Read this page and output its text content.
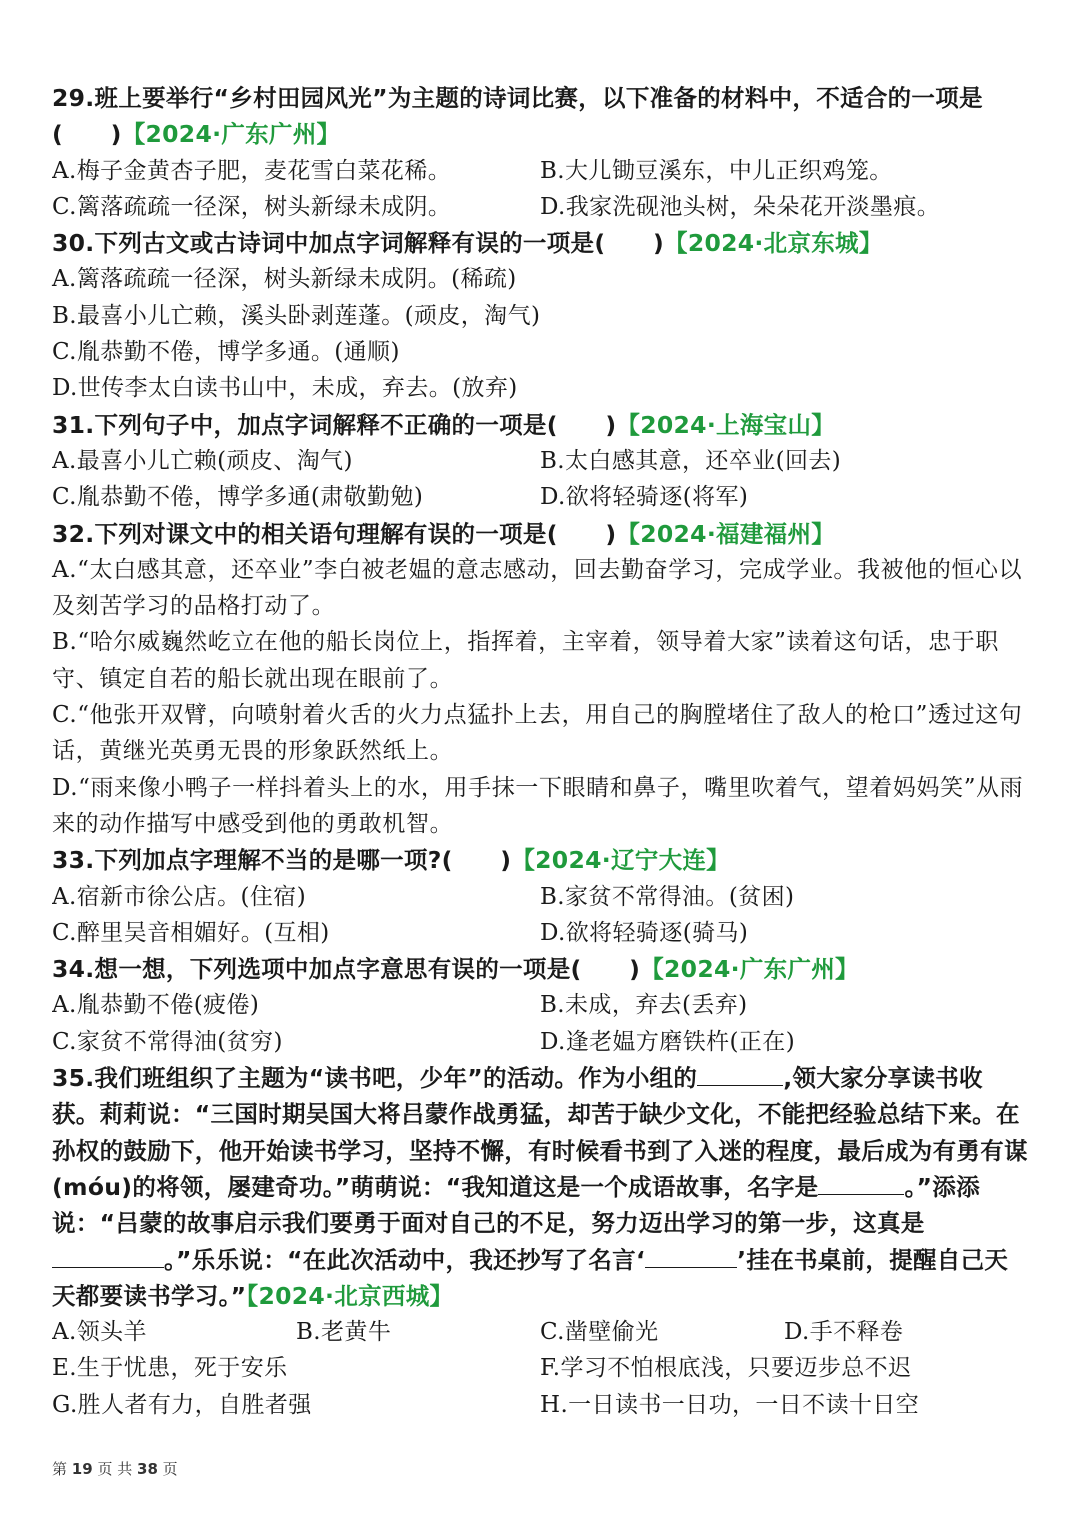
29.班上要举行“乡村田园风光”为主题的诗词比赛，以下准备的材料中，不适合的一项是(　　)【2024·广东广州】
A.梅子金黄杏子肥，麦花雪白菜花稀。	B.大儿锄豆溪东，中儿正织鸡笼。
C.篱落疏疏一径深，树头新绿未成阴。	D.我家洗砚池头树，朵朵花开淡墨痕。
30.下列古文或古诗词中加点字词解释有误的一项是(　　)【2024·北京东城】
A.篱落疏疏一径深，树头新绿未成阴。(稀疏)
B.最喜小儿亡赖，溪头卧剥莲蓬。(顽皮，淘气)
C.胤恭勤不倦，博学多通。(通顺)
D.世传李太白读书山中，未成，弃去。(放弃)
31.下列句子中，加点字词解释不正确的一项是(　　)【2024·上海宝山】
A.最喜小儿亡赖(顽皮、淘气)	B.太白感其意，还卒业(回去)
C.胤恭勤不倦，博学多通(肃敬勤勉)	D.欲将轻骑逐(将军)
32.下列对课文中的相关语句理解有误的一项是(　　)【2024·福建福州】
A.“太白感其意，还卒业”李白被老媪的意志感动，回去勤奋学习，完成学业。我被他的恒心以及刻苦学习的品格打动了。
B.“哈尔威巍然屹立在他的船长岗位上，指挥着，主宰着，领导着大家”读着这句话，忠于职守、镇定自若的船长就出现在眼前了。
C.“他张开双臂，向喷射着火舌的火力点猛扑上去，用自己的胸膛堵住了敌人的枪口”透过这句话，黄继光英勇无畏的形象跃然纸上。
D.“雨来像小鸭子一样抖着头上的水，用手抹一下眼睛和鼻子，嘴里吹着气，望着妈妈笑”从雨来的动作描写中感受到他的勇敢机智。
33.下列加点字理解不当的是哪一项?(　　)【2024·辽宁大连】
A.宿新市徐公店。(住宿)	B.家贫不常得油。(贫困)
C.醉里吴音相媚好。(互相)	D.欲将轻骑逐(骑马)
34.想一想，下列选项中加点字意思有误的一项是(　　)【2024·广东广州】
A.胤恭勤不倦(疲倦)	B.未成，弃去(丢弃)
C.家贫不常得油(贫穷)	D.逢老媪方磨铁杵(正在)
35.我们班组织了主题为“读书吧，少年”的活动。作为小组的	,领大家分享读书收获。莉莉说：“三国时期吴国大将吕蒙作战勇猛，却苦于缺少文化，不能把经验总结下来。在孙权的鼓励下，他开始读书学习，坚持不懈，有时候看书到了入迷的程度，最后成为有勇有谋(móu)的将领，屡建奇功。”萌萌说：“我知道这是一个成语故事，名字是	。”添添说：“吕蒙的故事启示我们要勇于面对自己的不足，努力迈出学习的第一步，这真是。”乐乐说：“在此次活动中，我还抄写了名言‘	’挂在书桌前，提醒自己天天都要读书学习。”【2024·北京西城】
A.领头羊	B.老黄牛	C.凿壁偷光	D.手不释卷
E.生于忧患，死于安乐	F.学习不怕根底浅，只要迈步总不迟
G.胜人者有力，自胜者强	H.一日读书一日功，一日不读十日空
第 19 页 共 38 页
